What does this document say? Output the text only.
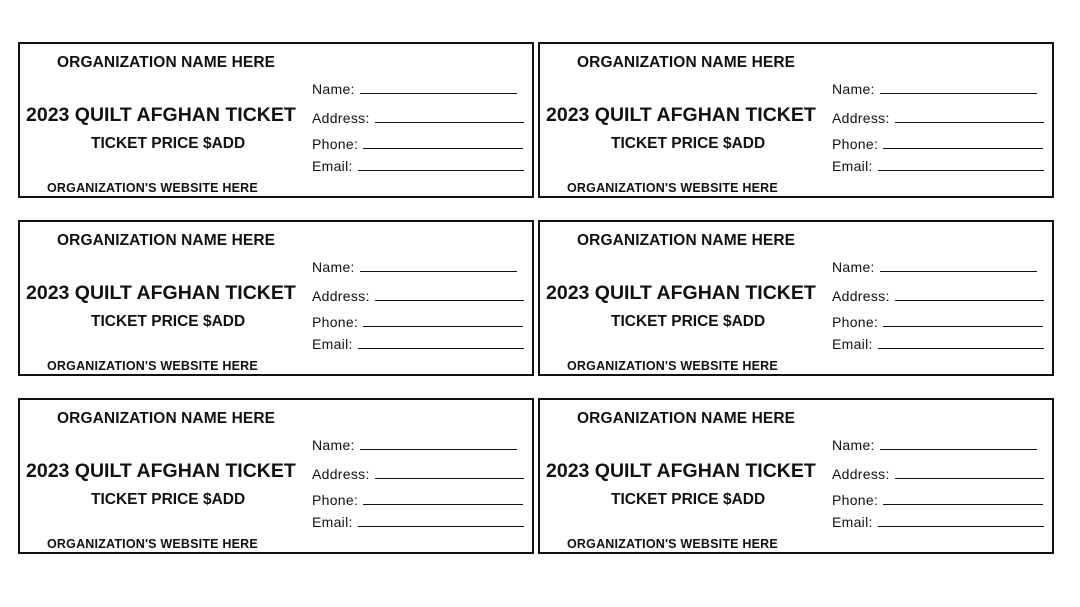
ORGANIZATION NAME HERE
Name:
2023 QUILT AFGHAN TICKET Address:
TICKET PRICE $ADD	Phone:
Email:
ORGANIZATION'S WEBSITE HERE
ORGANIZATION NAME HERE
Name:
2023 QUILT AFGHAN TICKET Address:
TICKET PRICE $ADD	Phone:
Email:
ORGANIZATION'S WEBSITE HERE
ORGANIZATION NAME HERE
Name:
2023 QUILT AFGHAN TICKET Address:
TICKET PRICE $ADD	Phone:
Email:
ORGANIZATION'S WEBSITE HERE
ORGANIZATION NAME HERE
Name:
2023 QUILT AFGHAN TICKET Address:
TICKET PRICE $ADD	Phone:
Email:
ORGANIZATION'S WEBSITE HERE
ORGANIZATION NAME HERE
Name:
2023 QUILT AFGHAN TICKET Address:
TICKET PRICE $ADD	Phone:
Email:
ORGANIZATION'S WEBSITE HERE
ORGANIZATION NAME HERE
Name:
2023 QUILT AFGHAN TICKET Address:
TICKET PRICE $ADD	Phone:
Email:
ORGANIZATION'S WEBSITE HERE
